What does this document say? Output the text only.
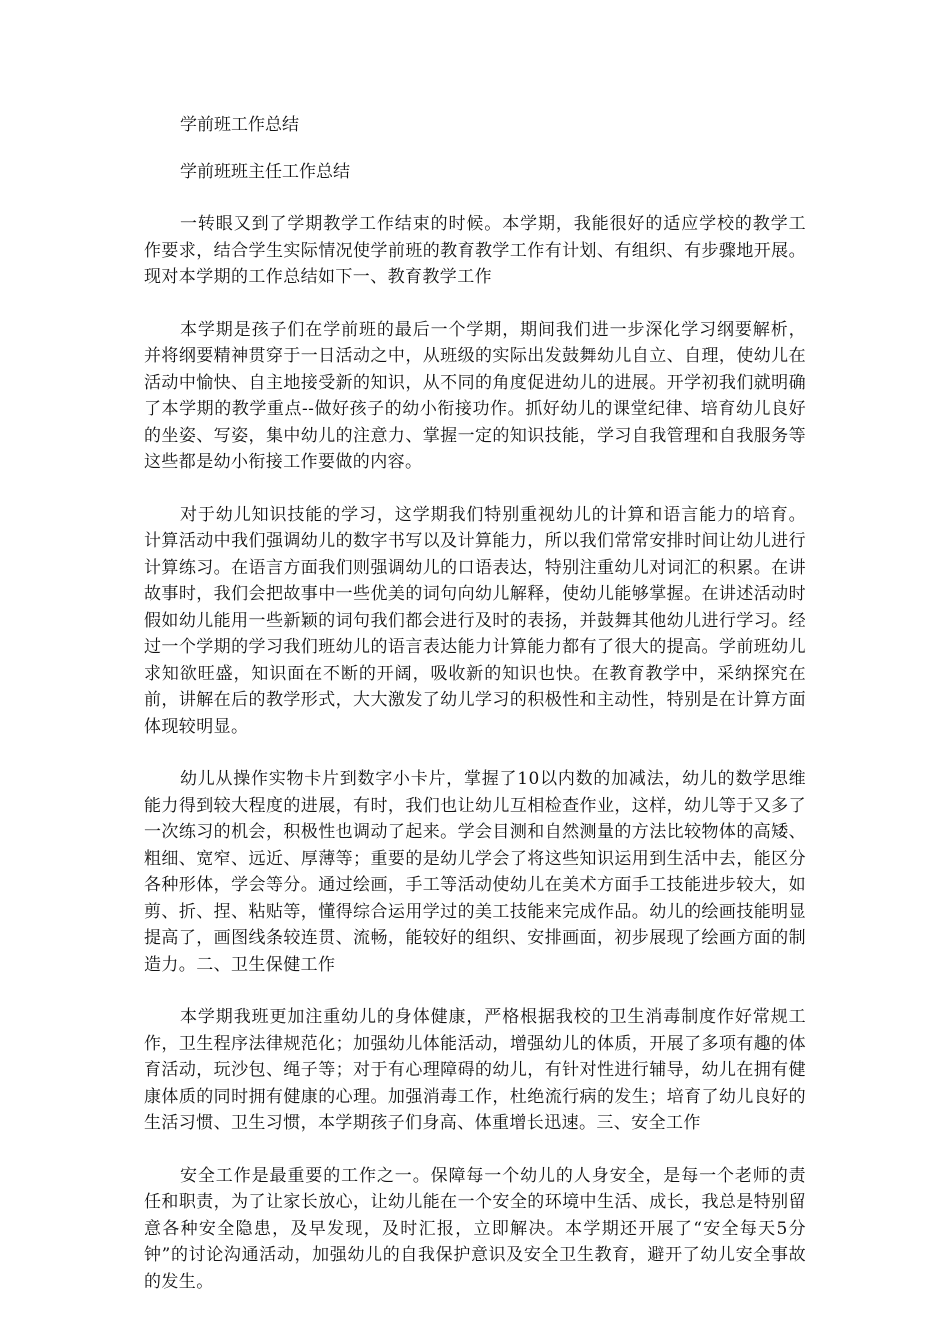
学前班工作总结

学前班班主任工作总结

一转眼又到了学期教学工作结束的时候。本学期，我能很好的适应学校的教学工作要求，结合学生实际情况使学前班的教育教学工作有计划、有组织、有步骤地开展。现对本学期的工作总结如下一、教育教学工作

本学期是孩子们在学前班的最后一个学期，期间我们进一步深化学习纲要解析，并将纲要精神贯穿于一日活动之中，从班级的实际出发鼓舞幼儿自立、自理，使幼儿在活动中愉快、自主地接受新的知识，从不同的角度促进幼儿的进展。开学初我们就明确了本学期的教学重点--做好孩子的幼小衔接功作。抓好幼儿的课堂纪律、培育幼儿良好的坐姿、写姿，集中幼儿的注意力、掌握一定的知识技能，学习自我管理和自我服务等这些都是幼小衔接工作要做的内容。

对于幼儿知识技能的学习，这学期我们特别重视幼儿的计算和语言能力的培育。计算活动中我们强调幼儿的数字书写以及计算能力，所以我们常常安排时间让幼儿进行计算练习。在语言方面我们则强调幼儿的口语表达，特别注重幼儿对词汇的积累。在讲故事时，我们会把故事中一些优美的词句向幼儿解释，使幼儿能够掌握。在讲述活动时假如幼儿能用一些新颖的词句我们都会进行及时的表扬，并鼓舞其他幼儿进行学习。经过一个学期的学习我们班幼儿的语言表达能力计算能力都有了很大的提高。学前班幼儿求知欲旺盛，知识面在不断的开阔，吸收新的知识也快。在教育教学中，采纳探究在前，讲解在后的教学形式，大大激发了幼儿学习的积极性和主动性，特别是在计算方面体现较明显。

幼儿从操作实物卡片到数字小卡片，掌握了10以内数的加减法，幼儿的数学思维能力得到较大程度的进展，有时，我们也让幼儿互相检查作业，这样，幼儿等于又多了一次练习的机会，积极性也调动了起来。学会目测和自然测量的方法比较物体的高矮、粗细、宽窄、远近、厚薄等；重要的是幼儿学会了将这些知识运用到生活中去，能区分各种形体，学会等分。通过绘画，手工等活动使幼儿在美术方面手工技能进步较大，如剪、折、捏、粘贴等，懂得综合运用学过的美工技能来完成作品。幼儿的绘画技能明显提高了，画图线条较连贯、流畅，能较好的组织、安排画面，初步展现了绘画方面的制造力。二、卫生保健工作

本学期我班更加注重幼儿的身体健康，严格根据我校的卫生消毒制度作好常规工作，卫生程序法律规范化；加强幼儿体能活动，增强幼儿的体质，开展了多项有趣的体育活动，玩沙包、绳子等；对于有心理障碍的幼儿，有针对性进行辅导，幼儿在拥有健康体质的同时拥有健康的心理。加强消毒工作，杜绝流行病的发生；培育了幼儿良好的生活习惯、卫生习惯，本学期孩子们身高、体重增长迅速。三、安全工作

安全工作是最重要的工作之一。保障每一个幼儿的人身安全，是每一个老师的责任和职责，为了让家长放心，让幼儿能在一个安全的环境中生活、成长，我总是特别留意各种安全隐患，及早发现，及时汇报，立即解决。本学期还开展了“安全每天5分钟”的讨论沟通活动，加强幼儿的自我保护意识及安全卫生教育，避开了幼儿安全事故的发生。
